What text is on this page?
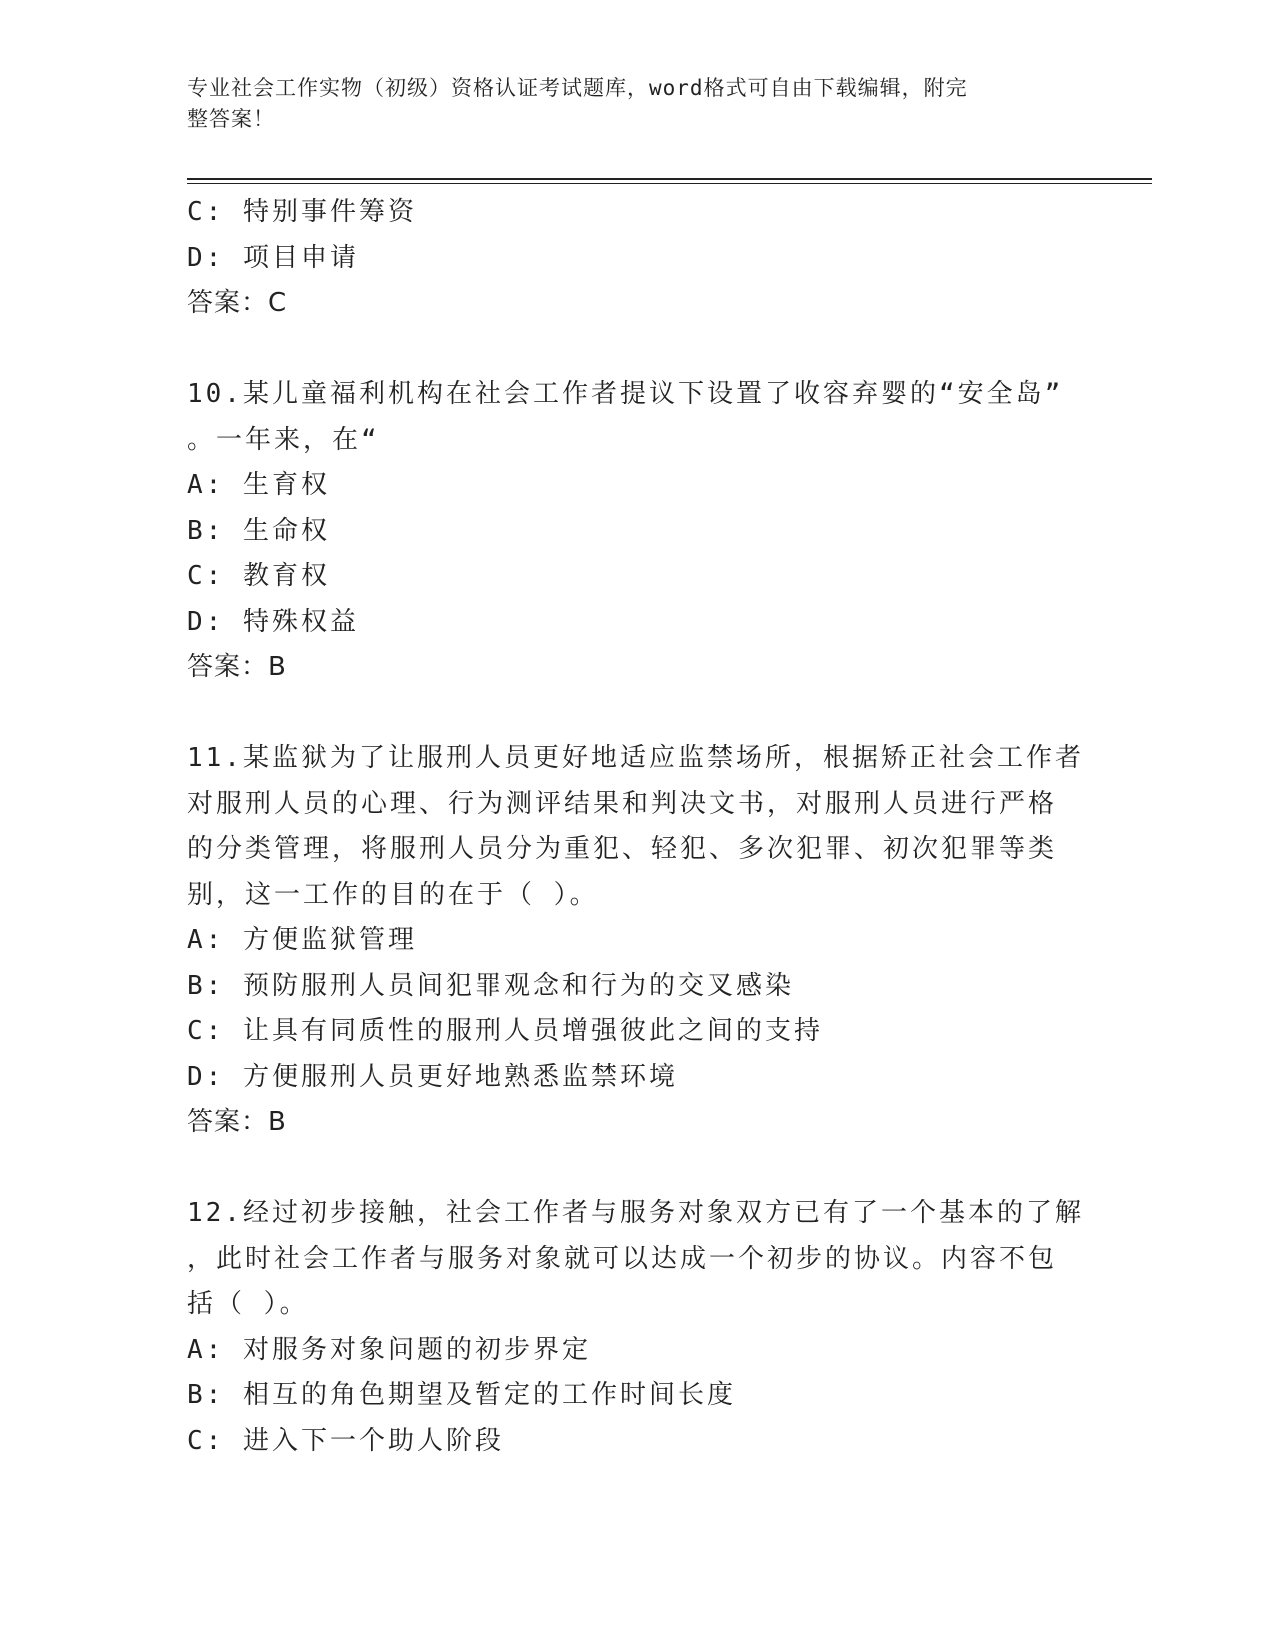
专业社会工作实物（初级）资格认证考试题库，word格式可自由下载编辑，附完
整答案！
C: 特别事件筹资
D: 项目申请
答案：C
10.某儿童福利机构在社会工作者提议下设置了收容弃婴的“安全岛”
。一年来，在“
A: 生育权
B: 生命权
C: 教育权
D: 特殊权益
答案：B
11.某监狱为了让服刑人员更好地适应监禁场所，根据矫正社会工作者
对服刑人员的心理、行为测评结果和判决文书，对服刑人员进行严格
的分类管理，将服刑人员分为重犯、轻犯、多次犯罪、初次犯罪等类
别，这一工作的目的在于（ ）。
A: 方便监狱管理
B: 预防服刑人员间犯罪观念和行为的交叉感染
C: 让具有同质性的服刑人员增强彼此之间的支持
D: 方便服刑人员更好地熟悉监禁环境
答案：B
12.经过初步接触，社会工作者与服务对象双方已有了一个基本的了解
，此时社会工作者与服务对象就可以达成一个初步的协议。内容不包
括（ ）。
A: 对服务对象问题的初步界定
B: 相互的角色期望及暂定的工作时间长度
C: 进入下一个助人阶段
